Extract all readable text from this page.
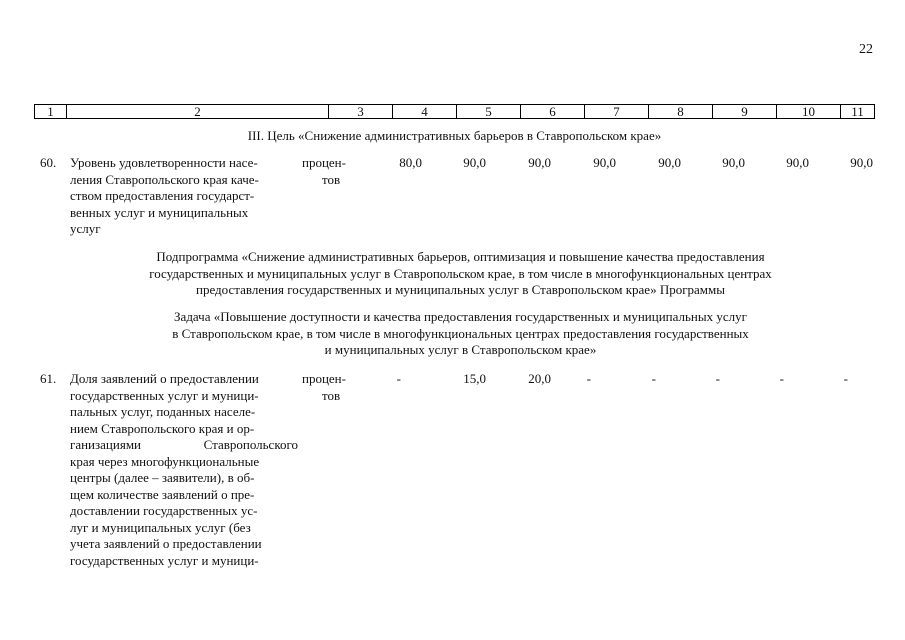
22
1	2	3	4	5	6	7	8	9	10	11
III. Цель «Снижение административных барьеров в Ставропольском крае»
60. Уровень удовлетворенности насе-
ления Ставропольского края каче-
ством предоставления государст-
венных услуг и муниципальных
услуг
процен-
тов
80,0	90,0	90,0	90,0	90,0	90,0	90,0	90,0
Подпрограмма «Снижение административных барьеров, оптимизация и повышение качества предоставления
государственных и муниципальных услуг в Ставропольском крае, в том числе в многофункциональных центрах
предоставления государственных и муниципальных услуг в Ставропольском крае» Программы
Задача «Повышение доступности и качества предоставления государственных и муниципальных услуг
в Ставропольском крае, в том числе в многофункциональных центрах предоставления государственных
и муниципальных услуг в Ставропольском крае»
61. Доля заявлений о предоставлении
государственных услуг и муници-
пальных услуг, поданных населе-
нием Ставропольского края и ор-
ганизациями	Ставропольского
края через многофункциональные
центры (далее – заявители), в об-
щем количестве заявлений о пре-
доставлении государственных ус-
луг и муниципальных услуг (без
учета заявлений о предоставлении
государственных услуг и муници-
процен-
тов
-	15,0	20,0	-	-	-	-	-
